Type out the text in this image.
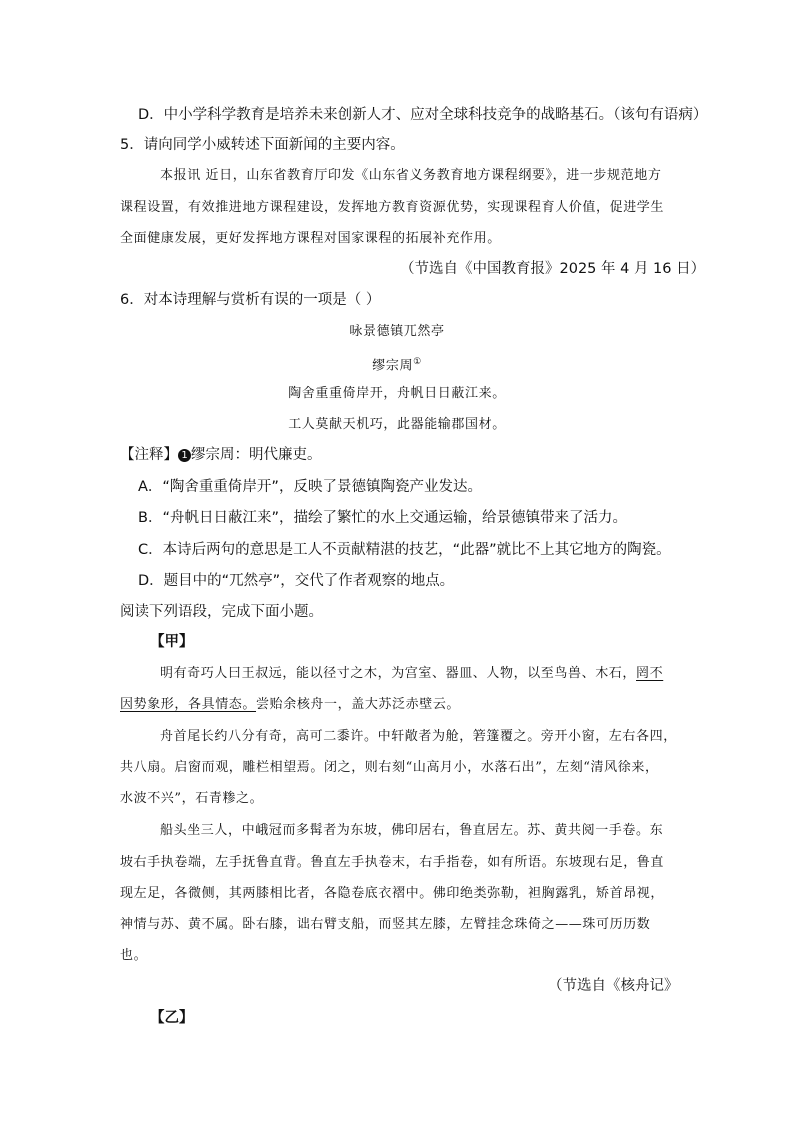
D．中小学科学教育是培养未来创新人才、应对全球科技竞争的战略基石。（该句有语病）
5．请向同学小威转述下面新闻的主要内容。
本报讯 近日，山东省教育厅印发《山东省义务教育地方课程纲要》，进一步规范地方
课程设置，有效推进地方课程建设，发挥地方教育资源优势，实现课程育人价值，促进学生
全面健康发展，更好发挥地方课程对国家课程的拓展补充作用。
（节选自《中国教育报》2025 年 4 月 16 日）
6．对本诗理解与赏析有误的一项是（ ）
咏景德镇兀然亭
缪宗周①
陶舍重重倚岸开，舟帆日日蔽江来。
工人莫献天机巧，此器能输郡国材。
【注释】 1 缪宗周：明代廉吏。
A．“陶舍重重倚岸开”，反映了景德镇陶瓷产业发达。
B．“舟帆日日蔽江来”，描绘了繁忙的水上交通运输，给景德镇带来了活力。
C．本诗后两句的意思是工人不贡献精湛的技艺，“此器”就比不上其它地方的陶瓷。
D．题目中的“兀然亭”，交代了作者观察的地点。
阅读下列语段，完成下面小题。
【甲】
明有奇巧人曰王叔远，能以径寸之木，为宫室、器皿、人物，以至鸟兽、木石，罔不
因势象形，各具情态。尝贻余核舟一，盖大苏泛赤壁云。
舟首尾长约八分有奇，高可二黍许。中轩敞者为舱，箬篷覆之。旁开小窗，左右各四，
共八扇。启窗而观，雕栏相望焉。闭之，则右刻“山高月小，水落石出”，左刻“清风徐来，
水波不兴”，石青糁之。
船头坐三人，中峨冠而多髯者为东坡，佛印居右，鲁直居左。苏、黄共阅一手卷。东
坡右手执卷端，左手抚鲁直背。鲁直左手执卷末，右手指卷，如有所语。东坡现右足，鲁直
现左足，各微侧，其两膝相比者，各隐卷底衣褶中。佛印绝类弥勒，袒胸露乳，矫首昂视，
神情与苏、黄不属。卧右膝，诎右臂支船，而竖其左膝，左臂挂念珠倚之——珠可历历数
也。
（节选自《核舟记》
【乙】
